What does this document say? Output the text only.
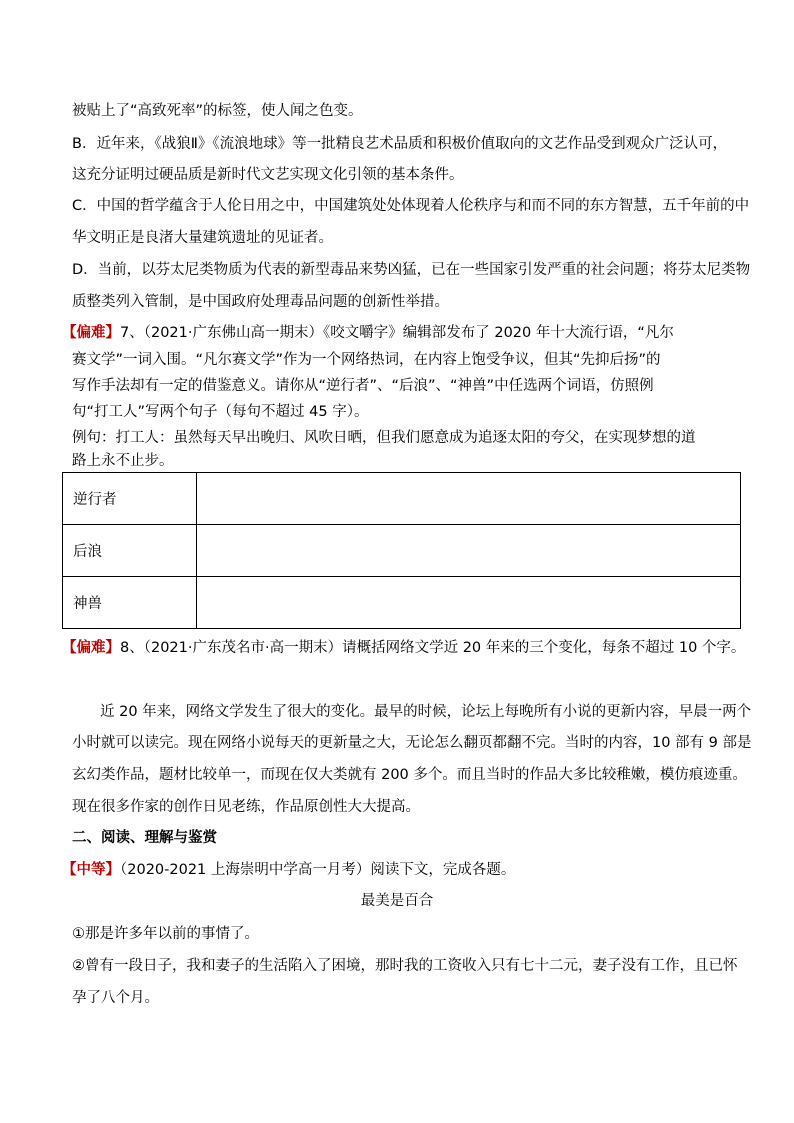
被贴上了“高致死率”的标签，使人闻之色变。
B．近年来，《战狼Ⅱ》《流浪地球》等一批精良艺术品质和积极价值取向的文艺作品受到观众广泛认可，
这充分证明过硬品质是新时代文艺实现文化引领的基本条件。
C．中国的哲学蕴含于人伦日用之中，中国建筑处处体现着人伦秩序与和而不同的东方智慧，五千年前的中
华文明正是良渚大量建筑遗址的见证者。
D．当前，以芬太尼类物质为代表的新型毒品来势凶猛，已在一些国家引发严重的社会问题；将芬太尼类物
质整类列入管制，是中国政府处理毒品问题的创新性举措。
【偏难】7、（2021·广东佛山高一期末）《咬文嚼字》编辑部发布了 2020 年十大流行语，“凡尔
赛文学”一词入围。“凡尔赛文学”作为一个网络热词，在内容上饱受争议，但其“先抑后扬”的
写作手法却有一定的借鉴意义。请你从“逆行者”、“后浪”、“神兽”中任选两个词语，仿照例
句“打工人”写两个句子（每句不超过 45 字）。
例句：打工人：虽然每天早出晚归、风吹日晒，但我们愿意成为追逐太阳的夸父，在实现梦想的道
路上永不止步。
逆行者	
后浪	
神兽	
【偏难】8、（2021·广东茂名市·高一期末）请概括网络文学近 20 年来的三个变化，每条不超过 10 个字。
近 20 年来，网络文学发生了很大的变化。最早的时候，论坛上每晚所有小说的更新内容，早晨一两个
小时就可以读完。现在网络小说每天的更新量之大，无论怎么翻页都翻不完。当时的内容，10 部有 9 部是
玄幻类作品，题材比较单一，而现在仅大类就有 200 多个。而且当时的作品大多比较稚嫩，模仿痕迹重。
现在很多作家的创作日见老练，作品原创性大大提高。
二、阅读、理解与鉴赏
【中等】（2020-2021 上海崇明中学高一月考）阅读下文，完成各题。
最美是百合
①那是许多年以前的事情了。
②曾有一段日子，我和妻子的生活陷入了困境，那时我的工资收入只有七十二元，妻子没有工作，且已怀
孕了八个月。
